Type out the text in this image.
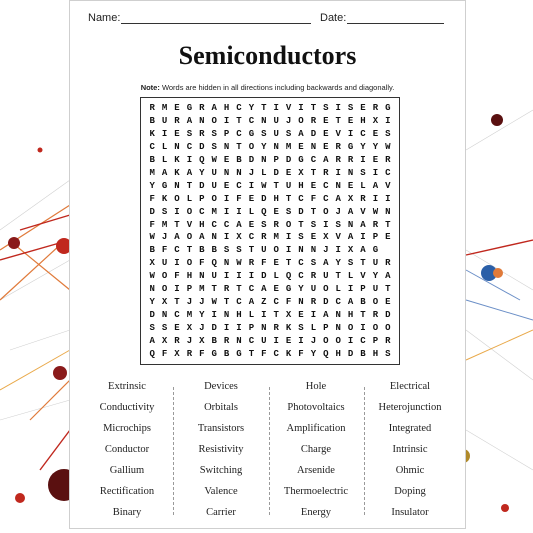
Name:	Date:
Semiconductors
Note: Words are hidden in all directions including backwards and diagonally.
R M E G R A H C Y T I V I T S I S E R G
B U R A N O I T C N U J O R E T E H X I
K I E S R S P C G S U S A D E V I C E S
C L N C D S N T O Y N M E N E R G Y Y W
B L K I Q W E B D N P D G C A R R I E R
M A K A Y U N N J L D E X T R I N S I C
Y G N T D U E C I W T U H E C N E L A V
F K O L P O I F E D H T C F C A X R I I
D S I O C M I I L Q E S D T O J A V W N
F M T V H C C A E S R O T S I S N A R T
W J A O A N I X C R M I S E X V A I P E
B F C T B B S S T U O I N N J I X A G
X U I O F Q N W R F E T C S A Y S T U R
W O F H N U I I I D L Q C R U T L V Y A
N O I P M T R T C A E G Y U O L I P U T
Y X T J J W T C A Z C F N R D C A B O E
D N C M Y I N H L I T X E I A N H T R D
S S E X J D I I P N R K S L P N O I O O
A X R J X B R N C U I E I J O O I C P R
Q F X R F G B G T F C K F Y Q H D B H S
Extrinsic
Conductivity
Microchips
Conductor
Gallium
Rectification
Binary
Devices
Orbitals
Transistors
Resistivity
Switching
Valence
Carrier
Hole
Photovoltaics
Amplification
Charge
Arsenide
Thermoelectric
Energy
Electrical
Heterojunction
Integrated
Intrinsic
Ohmic
Doping
Insulator
